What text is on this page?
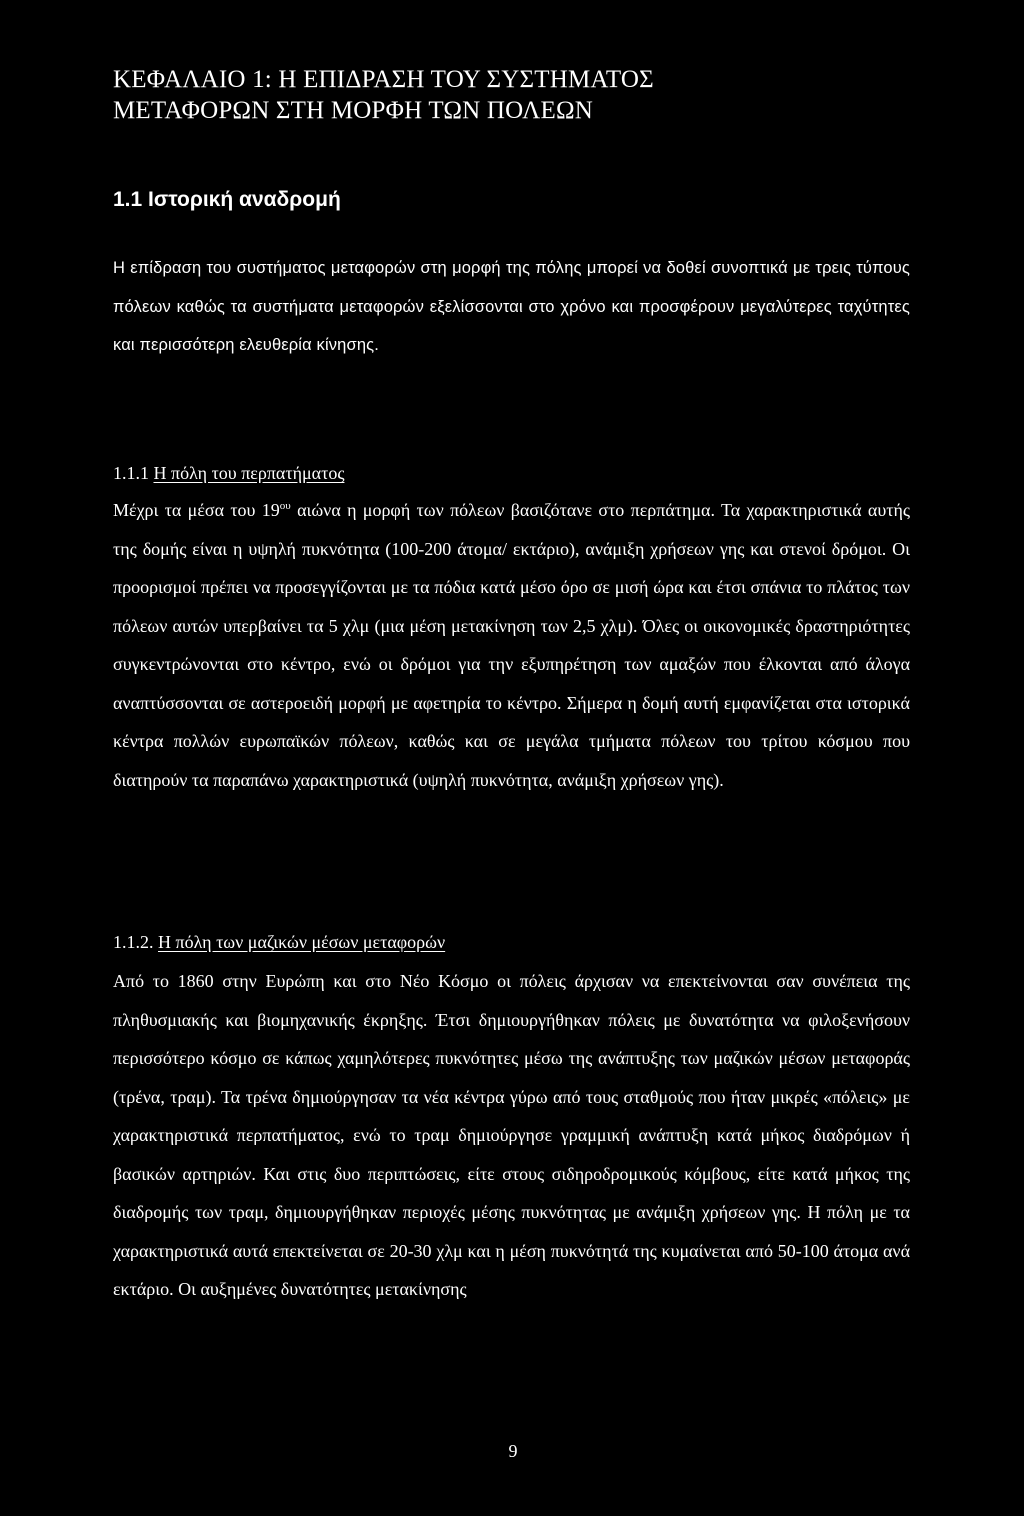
ΚΕΦΑΛΑΙΟ 1: Η ΕΠΙΔΡΑΣΗ ΤΟΥ ΣΥΣΤΗΜΑΤΟΣ
ΜΕΤΑΦΟΡΩΝ ΣΤΗ ΜΟΡΦΗ ΤΩΝ ΠΟΛΕΩΝ
1.1 Ιστορική αναδρομή

Η επίδραση του συστήματος μεταφορών στη μορφή της πόλης μπορεί να δοθεί συνοπτικά με τρεις τύπους πόλεων καθώς τα συστήματα μεταφορών εξελίσσονται στο χρόνο και προσφέρουν μεγαλύτερες ταχύτητες και περισσότερη ελευθερία κίνησης.

1.1.1 Η πόλη του περπατήματος

Μέχρι τα μέσα του $19^{o\upsilon}$ αιώνα η μορφή των πόλεων βασιζότανε στο περπάτημα. Τα χαρακτηριστικά αυτής της δομής είναι η υψηλή πυκνότητα (100-200 άτομα/ εκτάριο), ανάμιξη χρήσεων γης και στενοί δρόμοι. Οι προορισμοί πρέπει να προσεγγίζονται με τα πόδια κατά μέσο όρο σε μισή ώρα και έτσι σπάνια το πλάτος των πόλεων αυτών υπερβαίνει τα 5 χλμ (μια μέση μετακίνηση των 2,5 χλμ). Όλες οι οικονομικές δραστηριότητες συγκεντρώνονται στο κέντρο, ενώ οι δρόμοι για την εξυπηρέτηση των αμαξών που έλκονται από άλογα αναπτύσσονται σε αστεροειδή μορφή με αφετηρία το κέντρο. Σήμερα η δομή αυτή εμφανίζεται στα ιστορικά κέντρα πολλών ευρωπαϊκών πόλεων, καθώς και σε μεγάλα τμήματα πόλεων του τρίτου κόσμου που διατηρούν τα παραπάνω χαρακτηριστικά (υψηλή πυκνότητα, ανάμιξη χρήσεων γης).

1.1.2. Η πόλη των μαζικών μέσων μεταφορών

Από το 1860 στην Ευρώπη και στο Νέο Κόσμο οι πόλεις άρχισαν να επεκτείνονται σαν συνέπεια της πληθυσμιακής και βιομηχανικής έκρηξης. Έτσι δημιουργήθηκαν πόλεις με δυνατότητα να φιλοξενήσουν περισσότερο κόσμο σε κάπως χαμηλότερες πυκνότητες μέσω της ανάπτυξης των μαζικών μέσων μεταφοράς (τρένα, τραμ). Τα τρένα δημιούργησαν τα νέα κέντρα γύρω από τους σταθμούς που ήταν μικρές «πόλεις» με χαρακτηριστικά περπατήματος, ενώ το τραμ δημιούργησε γραμμική ανάπτυξη κατά μήκος διαδρόμων ή βασικών αρτηριών. Και στις δυο περιπτώσεις, είτε στους σιδηροδρομικούς κόμβους, είτε κατά μήκος της διαδρομής των τραμ, δημιουργήθηκαν περιοχές μέσης πυκνότητας με ανάμιξη χρήσεων γης. Η πόλη με τα χαρακτηριστικά αυτά επεκτείνεται σε 20-30 χλμ και η μέση πυκνότητά της κυμαίνεται από 50-100 άτομα ανά εκτάριο. Οι αυξημένες δυνατότητες μετακίνησης

9
